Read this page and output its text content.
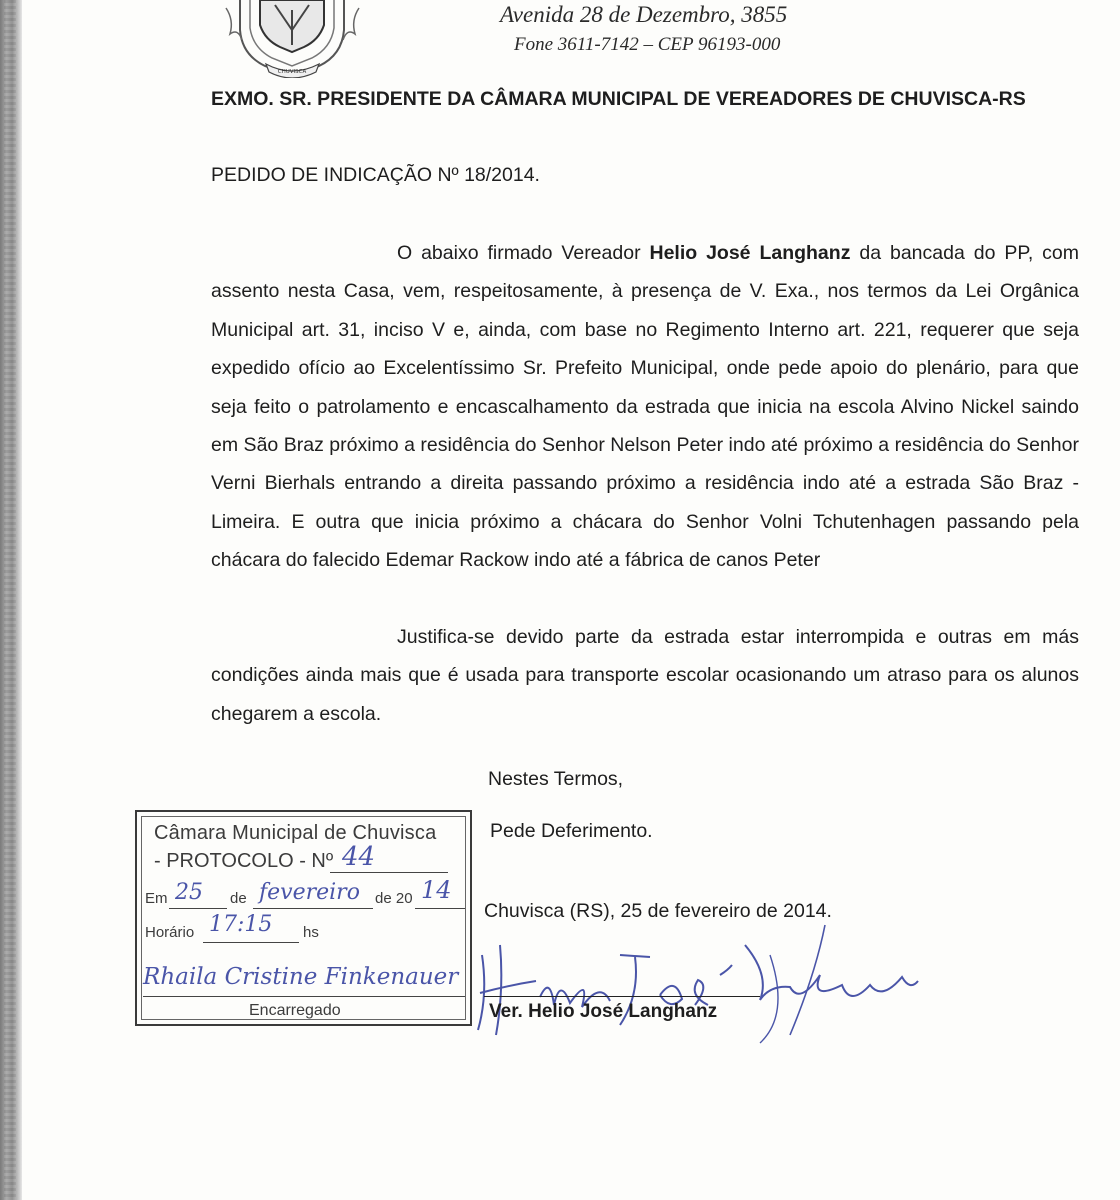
CHUVISCA
Avenida 28 de Dezembro, 3855
Fone 3611-7142 – CEP 96193-000
EXMO. SR. PRESIDENTE DA CÂMARA MUNICIPAL DE VEREADORES DE CHUVISCA-RS
PEDIDO DE INDICAÇÃO Nº 18/2014.
O abaixo firmado Vereador Helio José Langhanz da bancada do PP, com assento nesta Casa, vem, respeitosamente, à presença de V. Exa., nos termos da Lei Orgânica Municipal art. 31, inciso V e, ainda, com base no Regimento Interno art. 221, requerer que seja expedido ofício ao Excelentíssimo Sr. Prefeito Municipal, onde pede apoio do plenário, para que seja feito o patrolamento e encascalhamento da estrada que inicia na escola Alvino Nickel saindo em São Braz próximo a residência do Senhor Nelson Peter indo até próximo a residência do Senhor Verni Bierhals entrando a direita passando próximo a residência indo até a estrada São Braz - Limeira. E outra que inicia próximo a chácara do Senhor Volni Tchutenhagen passando pela chácara do falecido Edemar Rackow indo até a fábrica de canos Peter
Justifica-se devido parte da estrada estar interrompida e outras em más condições ainda mais que é usada para transporte escolar ocasionando um atraso para os alunos chegarem a escola.
Nestes Termos,
Pede Deferimento.
Chuvisca (RS), 25 de fevereiro de 2014.
Ver. Helio José Langhanz
Câmara Municipal de Chuvisca
- PROTOCOLO - Nº 44
Em 25 de fevereiro de 20 14
Horário 17:15 hs
Rhaila Cristine Finkenauer
Encarregado
